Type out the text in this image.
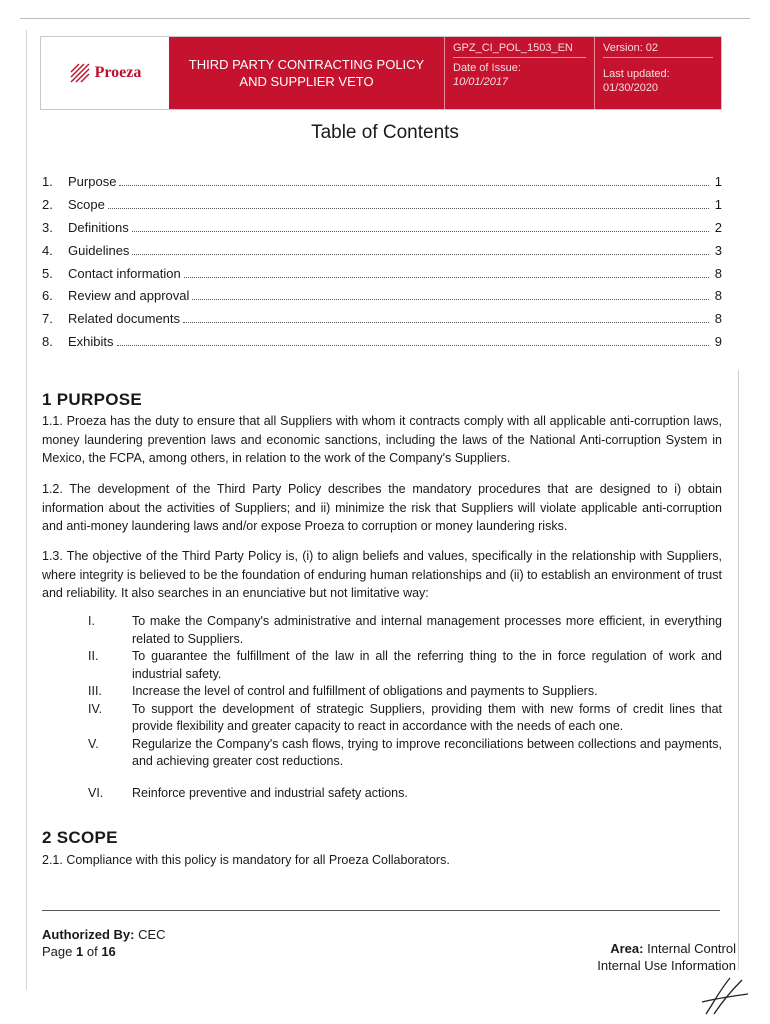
Proeza	THIRD PARTY CONTRACTING POLICY AND SUPPLIER VETO
GPZ_CI_POL_1503_EN
Date of Issue:
10/01/2017
Version: 02
Last updated:
01/30/2020
Table of Contents
1.	Purpose	1
2.	Scope	1
3.	Definitions	2
4.	Guidelines	3
5.	Contact information	8
6.	Review and approval	8
7.	Related documents	8
8.	Exhibits	9
1 PURPOSE
1.1. Proeza has the duty to ensure that all Suppliers with whom it contracts comply with all applicable anti-corruption laws, money laundering prevention laws and economic sanctions, including the laws of the National Anti-corruption System in Mexico, the FCPA, among others, in relation to the work of the Company's Suppliers.
1.2. The development of the Third Party Policy describes the mandatory procedures that are designed to i) obtain information about the activities of Suppliers; and ii) minimize the risk that Suppliers will violate applicable anti-corruption and anti-money laundering laws and/or expose Proeza to corruption or money laundering risks.
1.3. The objective of the Third Party Policy is, (i) to align beliefs and values, specifically in the relationship with Suppliers, where integrity is believed to be the foundation of enduring human relationships and (ii) to establish an environment of trust and reliability. It also searches in an enunciative but not limitative way:
I.	To make the Company's administrative and internal management processes more efficient, in everything related to Suppliers.
II.	To guarantee the fulfillment of the law in all the referring thing to the in force regulation of work and industrial safety.
III.	Increase the level of control and fulfillment of obligations and payments to Suppliers.
IV.	To support the development of strategic Suppliers, providing them with new forms of credit lines that provide flexibility and greater capacity to react in accordance with the needs of each one.
V.	Regularize the Company's cash flows, trying to improve reconciliations between collections and payments, and achieving greater cost reductions.
VI.	Reinforce preventive and industrial safety actions.
2 SCOPE
2.1. Compliance with this policy is mandatory for all Proeza Collaborators.
Authorized By: CEC
Page 1 of 16	Area: Internal Control
Internal Use Information
